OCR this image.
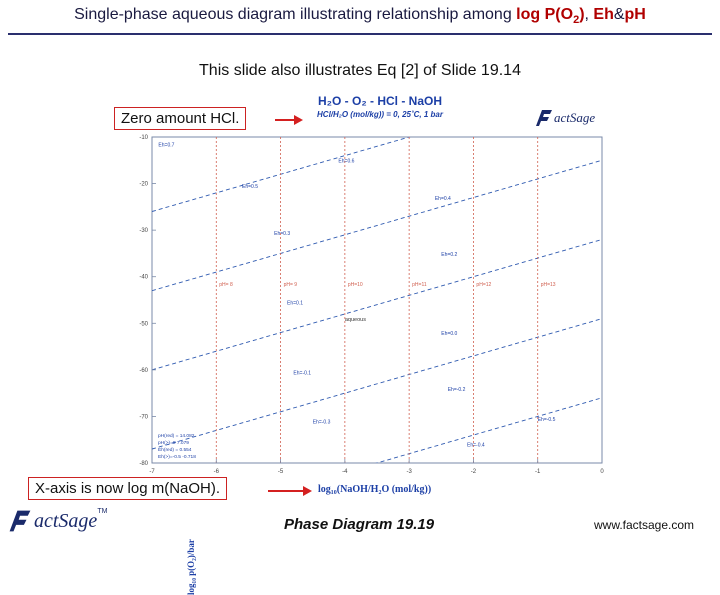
Single-phase aqueous diagram illustrating relationship among $\log P(O_2)$, Eh&pH
This slide also illustrates Eq [2] of Slide 19.14
H₂O - O₂ - HCl - NaOH
HCl/H₂O (mol/kg)) = 0, 25˚C, 1 bar	actSage
Eh=0.7
Eh=0.6
Eh=0.5
Eh=0.4
Eh=0.3
Eh=0.2
Eh=0.1
Eh=0.0
Eh=-0.1
Eh=-0.2
Eh=-0.3
Eh=-0.4
Eh=-0.5
pH= 8	pH= 9	pH=10	pH=11	pH=12	pH=13
aqueous
-7	-6	-5	-4	-3	-2	-1	0
-10
-20
-30
-40
-50
-60
-70
-80
pH(red) = 14.082
pH(>)=9 7.079
Eh(red) = 0.554
Eh(>)=-0.5 -0.718
log₁₀ p(O₂)/bar
log₁₀(NaOH/H₂O (mol/kg))
Zero amount HCl.
X-axis is now log m(NaOH).
actSage™
Phase Diagram 19.19	www.factsage.com
